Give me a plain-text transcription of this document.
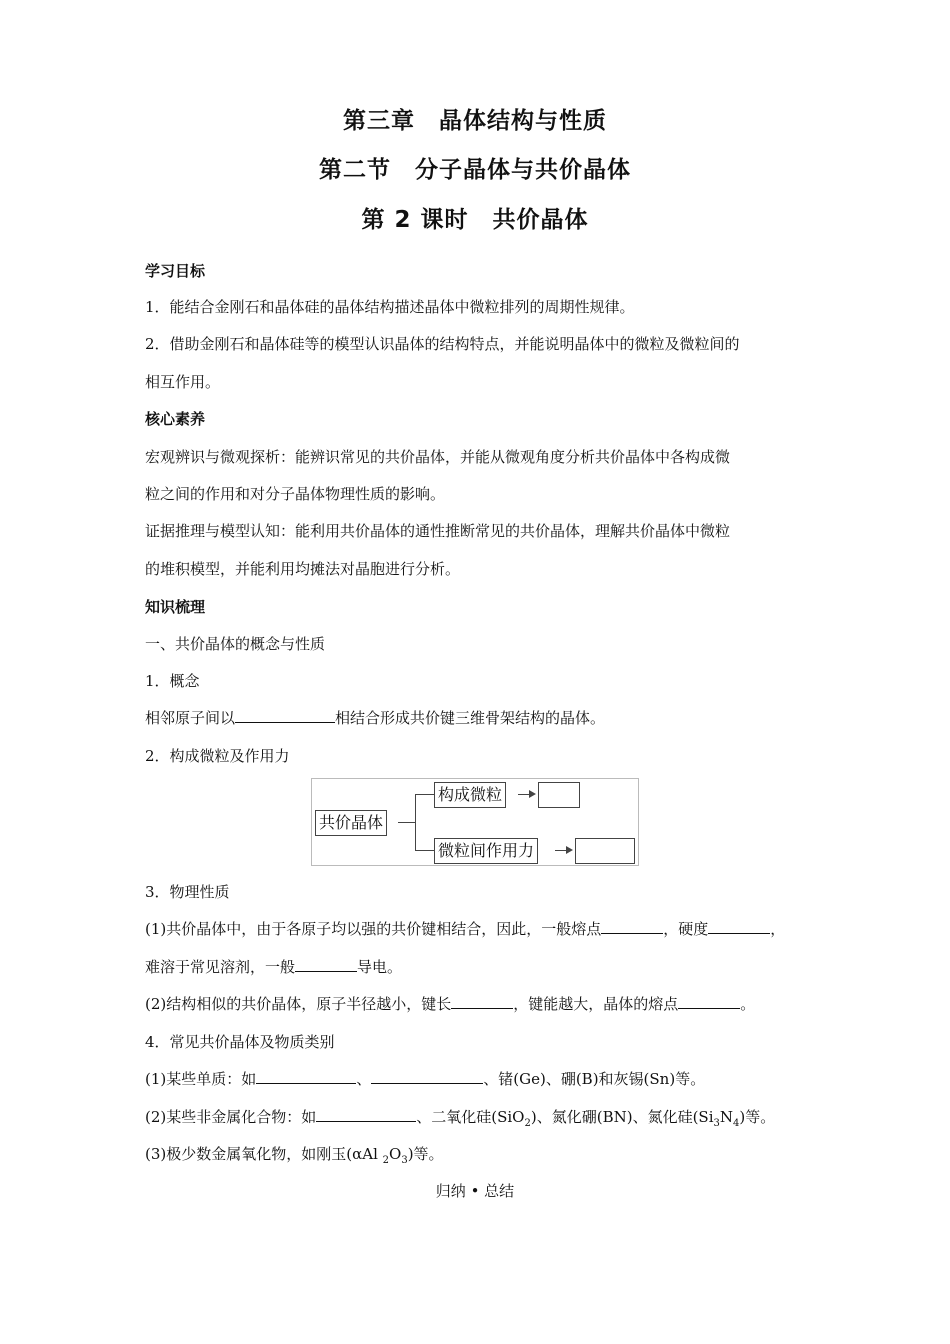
第三章　晶体结构与性质
第二节　分子晶体与共价晶体
第 2 课时　共价晶体
学习目标
1．能结合金刚石和晶体硅的晶体结构描述晶体中微粒排列的周期性规律。
2．借助金刚石和晶体硅等的模型认识晶体的结构特点，并能说明晶体中的微粒及微粒间的
相互作用。
核心素养
宏观辨识与微观探析：能辨识常见的共价晶体，并能从微观角度分析共价晶体中各构成微
粒之间的作用和对分子晶体物理性质的影响。
证据推理与模型认知：能利用共价晶体的通性推断常见的共价晶体，理解共价晶体中微粒
的堆积模型，并能利用均摊法对晶胞进行分析。
知识梳理
一、共价晶体的概念与性质
1．概念
相邻原子间以	相结合形成共价键三维骨架结构的晶体。
2．构成微粒及作用力
共价晶体
构成微粒
微粒间作用力
3．物理性质
(1)共价晶体中，由于各原子均以强的共价键相结合，因此，一般熔点	，硬度	，
难溶于常见溶剂，一般	导电。
(2)结构相似的共价晶体，原子半径越小，键长	，键能越大，晶体的熔点	。
4．常见共价晶体及物质类别
(1)某些单质：如	、	、锗(Ge)、硼(B)和灰锡(Sn)等。
(2)某些非金属化合物：如	、二氧化硅(SiO$_2$)、氮化硼(BN)、氮化硅$(Si_3N_4)$等。
(3)极少数金属氧化物，如刚玉(αAl $_2O_3$)等。
归纳 • 总结
